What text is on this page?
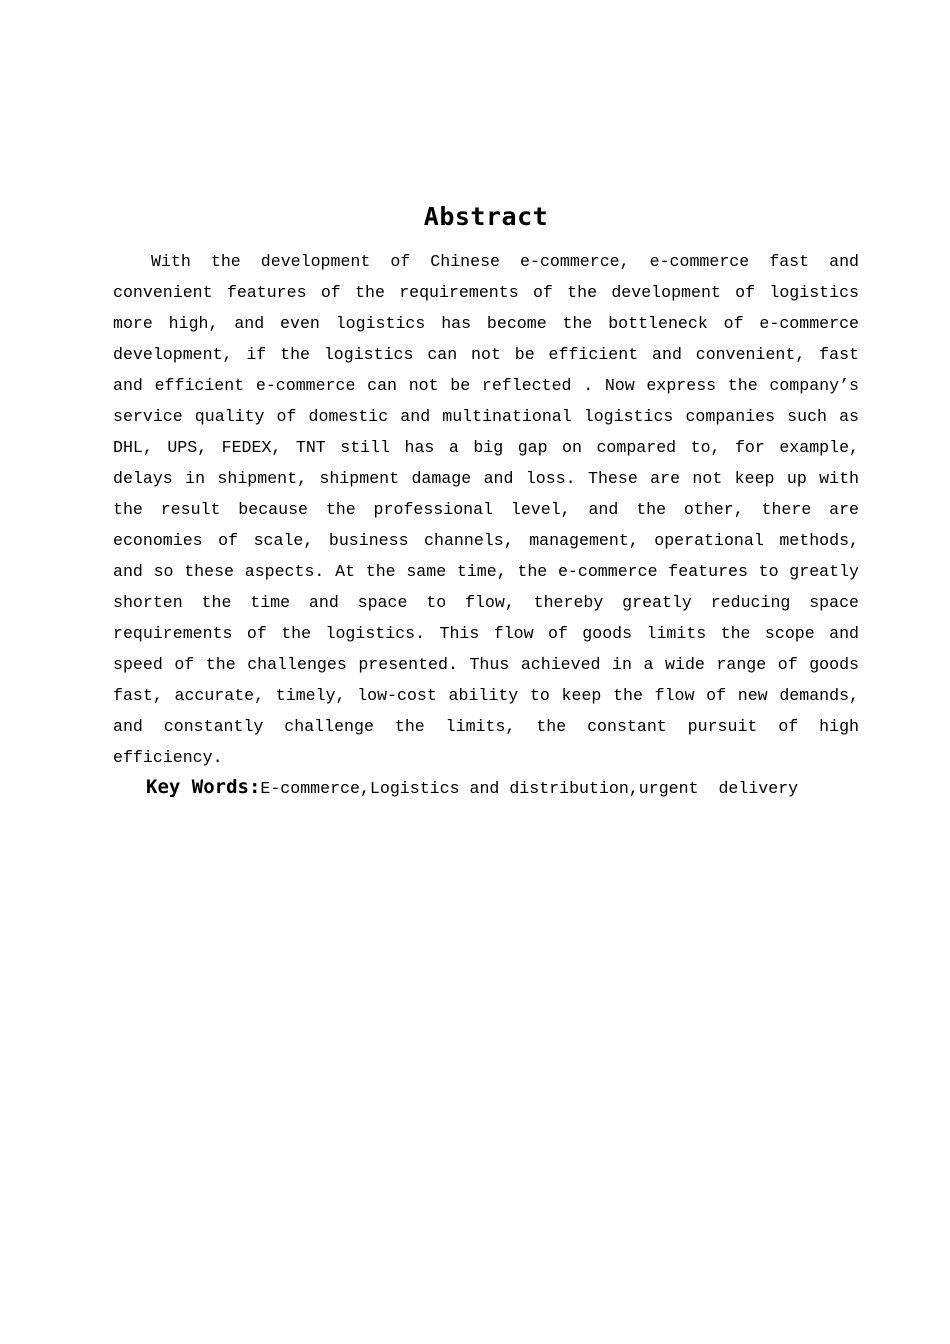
Abstract

With the development of Chinese e-commerce, e-commerce fast and convenient features of the requirements of the development of logistics more high, and even logistics has become the bottleneck of e-commerce development, if the logistics can not be efficient and convenient, fast and efficient e-commerce can not be reflected . Now express the company’s service quality of domestic and multinational logistics companies such as DHL, UPS, FEDEX, TNT still has a big gap on compared to, for example, delays in shipment, shipment damage and loss. These are not keep up with the result because the professional level, and the other, there are economies of scale, business channels, management, operational methods, and so these aspects. At the same time, the e-commerce features to greatly shorten the time and space to flow, thereby greatly reducing space requirements of the logistics. This flow of goods limits the scope and speed of the challenges presented. Thus achieved in a wide range of goods fast, accurate, timely, low-cost ability to keep the flow of new demands, and constantly challenge the limits, the constant pursuit of high efficiency.

Key Words:E-commerce,Logistics and distribution,urgent  delivery
